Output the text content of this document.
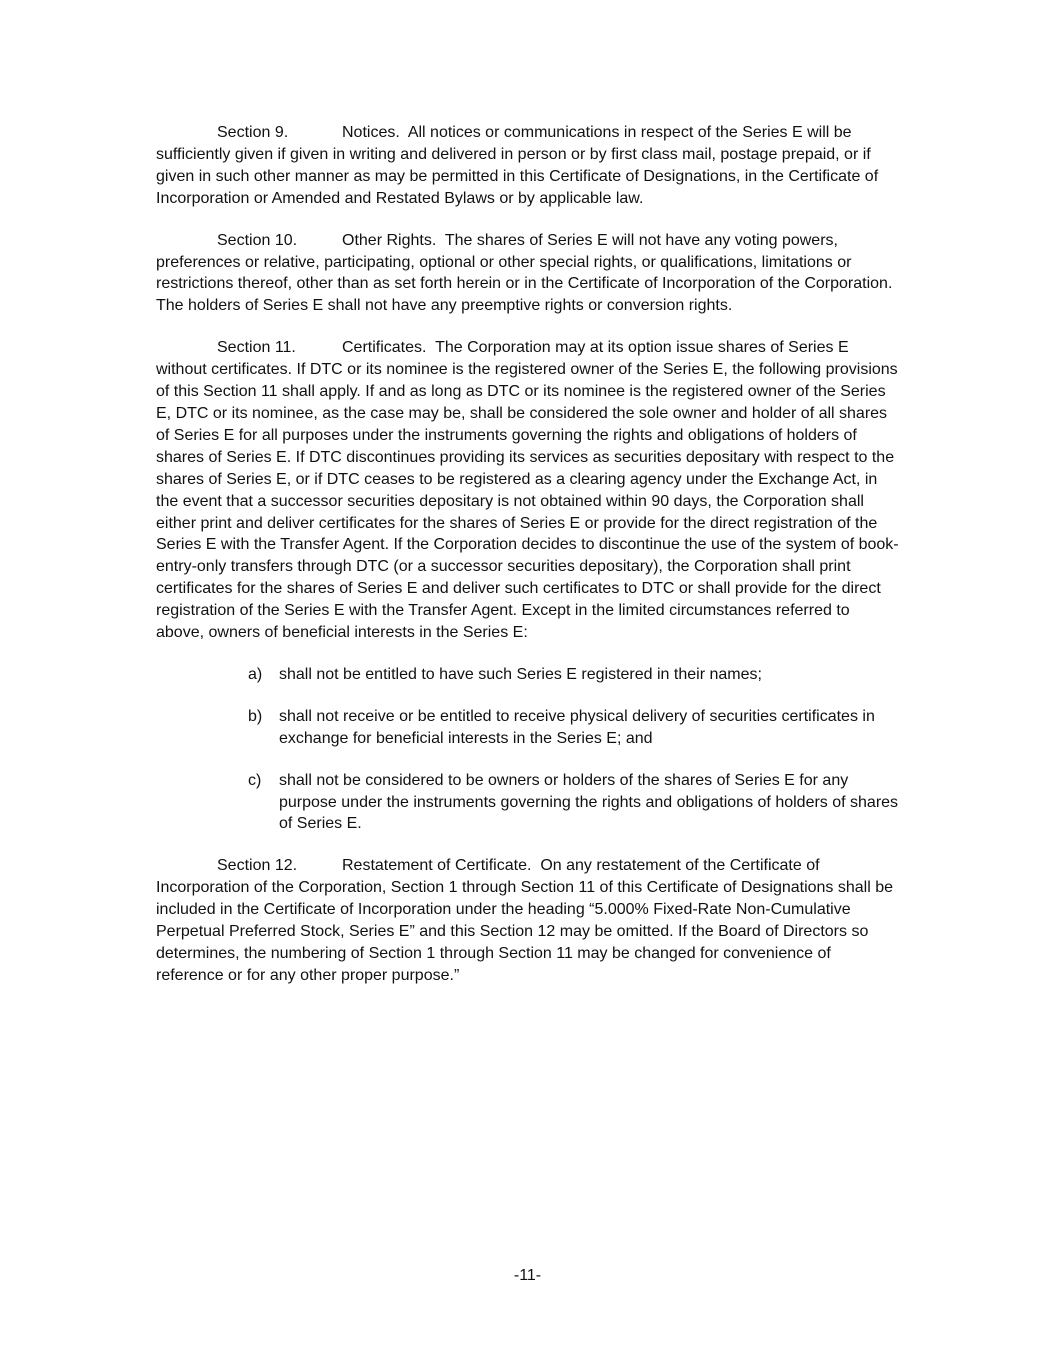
Section 9.	Notices. All notices or communications in respect of the Series E will be sufficiently given if given in writing and delivered in person or by first class mail, postage prepaid, or if given in such other manner as may be permitted in this Certificate of Designations, in the Certificate of Incorporation or Amended and Restated Bylaws or by applicable law.

Section 10.	Other Rights. The shares of Series E will not have any voting powers, preferences or relative, participating, optional or other special rights, or qualifications, limitations or restrictions thereof, other than as set forth herein or in the Certificate of Incorporation of the Corporation. The holders of Series E shall not have any preemptive rights or conversion rights.

Section 11.	Certificates. The Corporation may at its option issue shares of Series E without certificates. If DTC or its nominee is the registered owner of the Series E, the following provisions of this Section 11 shall apply. If and as long as DTC or its nominee is the registered owner of the Series E, DTC or its nominee, as the case may be, shall be considered the sole owner and holder of all shares of Series E for all purposes under the instruments governing the rights and obligations of holders of shares of Series E. If DTC discontinues providing its services as securities depositary with respect to the shares of Series E, or if DTC ceases to be registered as a clearing agency under the Exchange Act, in the event that a successor securities depositary is not obtained within 90 days, the Corporation shall either print and deliver certificates for the shares of Series E or provide for the direct registration of the Series E with the Transfer Agent. If the Corporation decides to discontinue the use of the system of book-entry-only transfers through DTC (or a successor securities depositary), the Corporation shall print certificates for the shares of Series E and deliver such certificates to DTC or shall provide for the direct registration of the Series E with the Transfer Agent. Except in the limited circumstances referred to above, owners of beneficial interests in the Series E:

a) shall not be entitled to have such Series E registered in their names;
b) shall not receive or be entitled to receive physical delivery of securities certificates in exchange for beneficial interests in the Series E; and
c) shall not be considered to be owners or holders of the shares of Series E for any purpose under the instruments governing the rights and obligations of holders of shares of Series E.

Section 12.	Restatement of Certificate. On any restatement of the Certificate of Incorporation of the Corporation, Section 1 through Section 11 of this Certificate of Designations shall be included in the Certificate of Incorporation under the heading “5.000% Fixed-Rate Non-Cumulative Perpetual Preferred Stock, Series E” and this Section 12 may be omitted. If the Board of Directors so determines, the numbering of Section 1 through Section 11 may be changed for convenience of reference or for any other proper purpose.”

-11-
